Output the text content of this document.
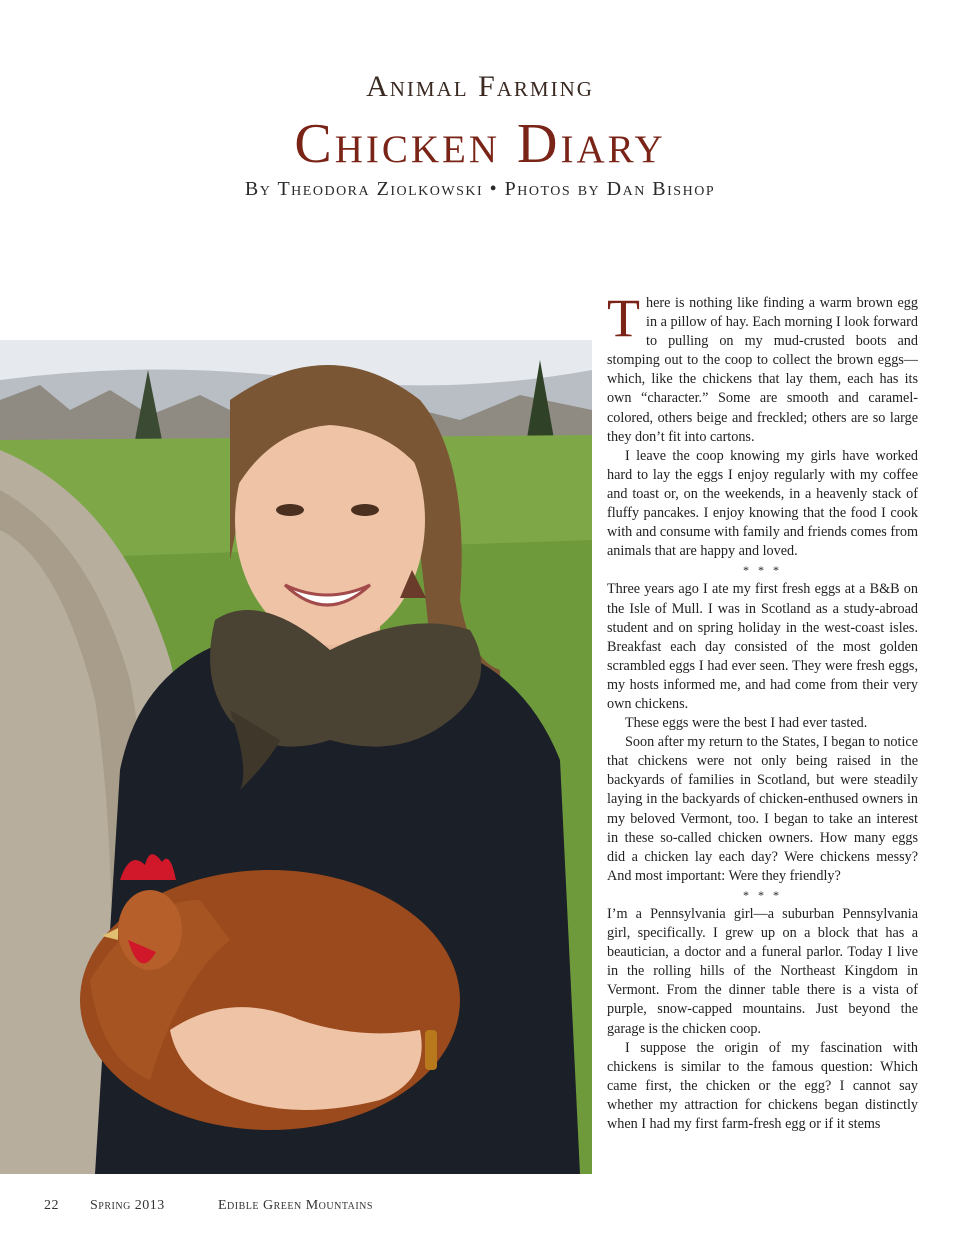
Animal Farming
Chicken Diary
By Theodora Ziolkowski • Photos by Dan Bishop

There is nothing like finding a warm brown egg in a pillow of hay. Each morning I look forward to pulling on my mud-crusted boots and stomping out to the coop to collect the brown eggs—which, like the chickens that lay them, each has its own “character.” Some are smooth and caramel-colored, others beige and freckled; others are so large they don’t fit into cartons.

I leave the coop knowing my girls have worked hard to lay the eggs I enjoy regularly with my coffee and toast or, on the weekends, in a heavenly stack of fluffy pancakes. I enjoy knowing that the food I cook with and consume with family and friends comes from animals that are happy and loved.

* * *

Three years ago I ate my first fresh eggs at a B&B on the Isle of Mull. I was in Scotland as a study-abroad student and on spring holiday in the west-coast isles. Breakfast each day consisted of the most golden scrambled eggs I had ever seen. They were fresh eggs, my hosts informed me, and had come from their very own chickens.

These eggs were the best I had ever tasted.

Soon after my return to the States, I began to notice that chickens were not only being raised in the backyards of families in Scotland, but were steadily laying in the backyards of chicken-enthused owners in my beloved Vermont, too. I began to take an interest in these so-called chicken owners. How many eggs did a chicken lay each day? Were chickens messy? And most important: Were they friendly?

* * *

I’m a Pennsylvania girl—a suburban Pennsylvania girl, specifically. I grew up on a block that has a beautician, a doctor and a funeral parlor. Today I live in the rolling hills of the Northeast Kingdom in Vermont. From the dinner table there is a vista of purple, snow-capped mountains. Just beyond the garage is the chicken coop.

I suppose the origin of my fascination with chickens is similar to the famous question: Which came first, the chicken or the egg? I cannot say whether my attraction for chickens began distinctly when I had my first farm-fresh egg or if it stems

22 Spring 2013	Edible Green Mountains
